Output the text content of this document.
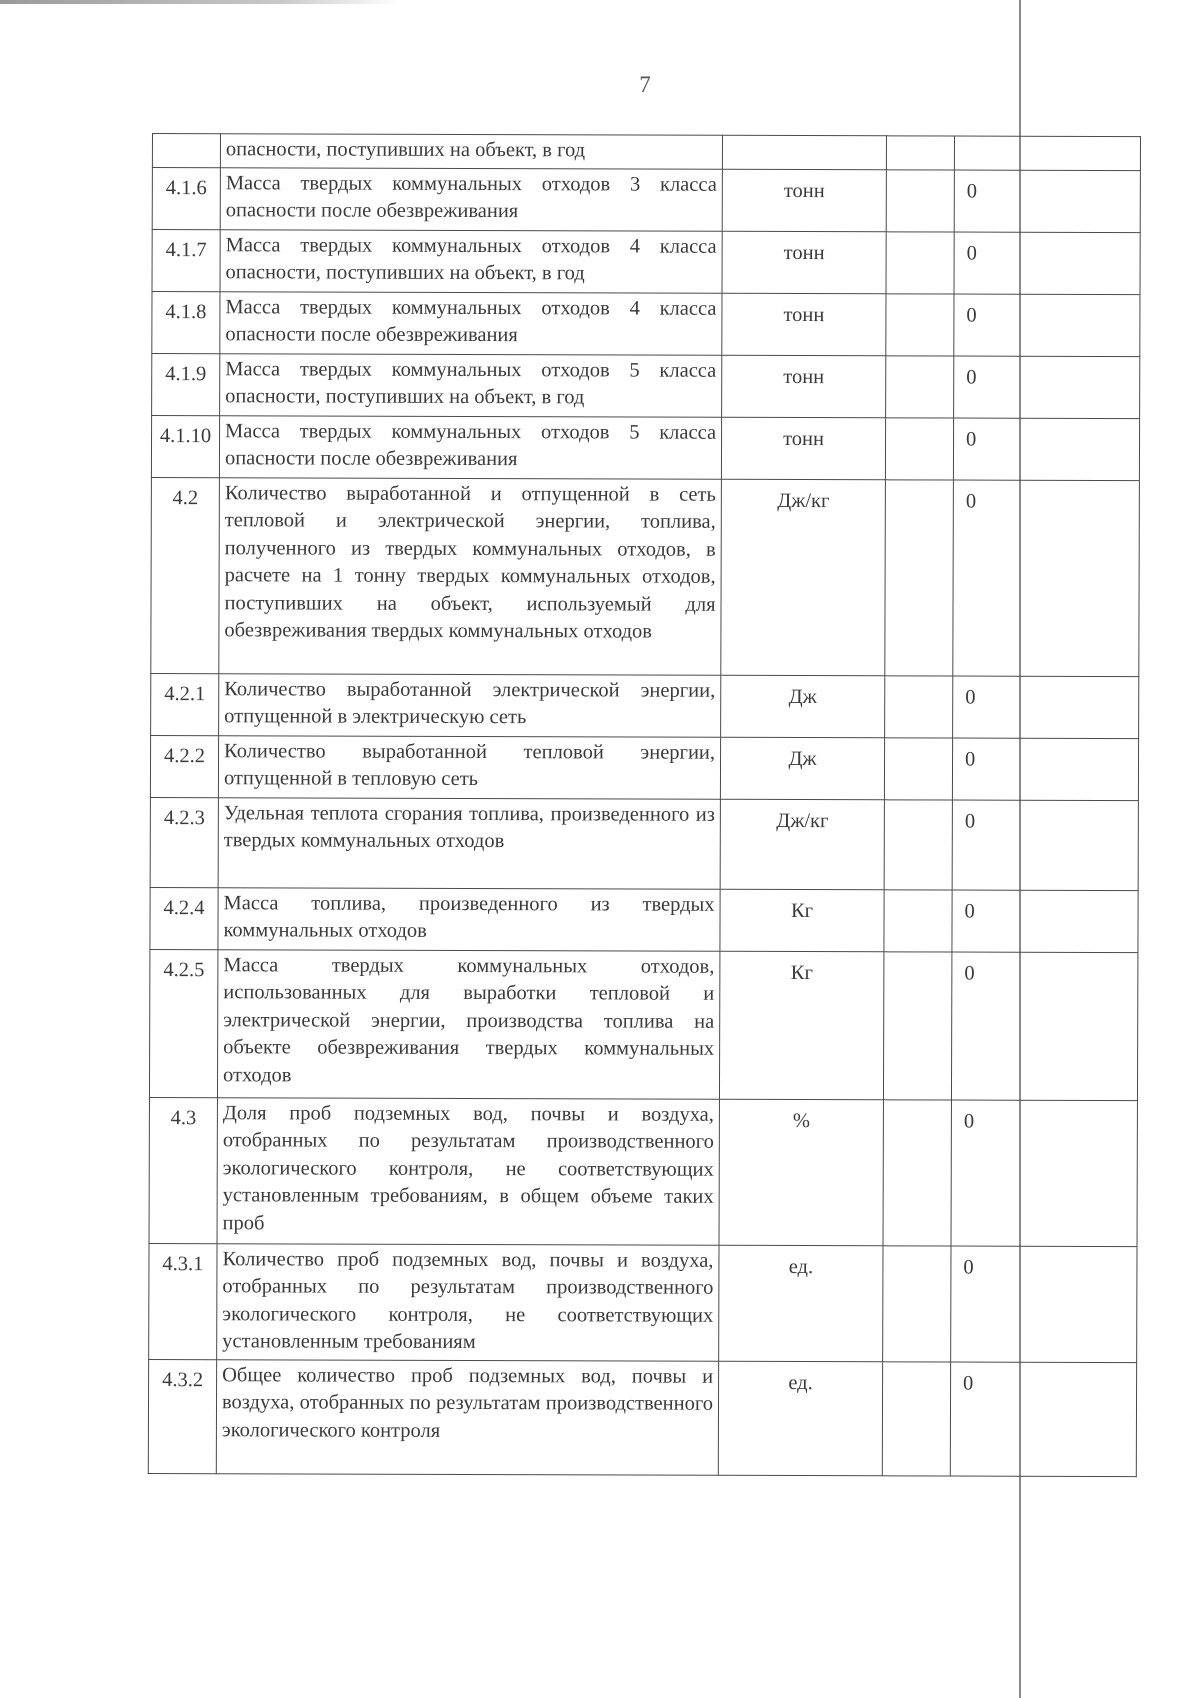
7
	опасности, поступивших на объект, в год			
4.1.6	Масса твердых коммунальных отходов 3 класса опасности после обезвреживания	тонн		0
4.1.7	Масса твердых коммунальных отходов 4 класса опасности, поступивших на объект, в год	тонн		0
4.1.8	Масса твердых коммунальных отходов 4 класса опасности после обезвреживания	тонн		0
4.1.9	Масса твердых коммунальных отходов 5 класса опасности, поступивших на объект, в год	тонн		0
4.1.10	Масса твердых коммунальных отходов 5 класса опасности после обезвреживания	тонн		0
4.2	Количество выработанной и отпущенной в сеть тепловой и электрической энергии, топлива, полученного из твердых коммунальных отходов, в расчете на 1 тонну твердых коммунальных отходов, поступивших на объект, используемый для обезвреживания твердых коммунальных отходов	Дж/кг		0
4.2.1	Количество выработанной электрической энергии, отпущенной в электрическую сеть	Дж		0
4.2.2	Количество выработанной тепловой энергии, отпущенной в тепловую сеть	Дж		0
4.2.3	Удельная теплота сгорания топлива, произведенного из твердых коммунальных отходов	Дж/кг		0
4.2.4	Масса топлива, произведенного из твердых коммунальных отходов	Кг		0
4.2.5	Масса твердых коммунальных отходов, использованных для выработки тепловой и электрической энергии, производства топлива на объекте обезвреживания твердых коммунальных отходов	Кг		0
4.3	Доля проб подземных вод, почвы и воздуха, отобранных по результатам производственного экологического контроля, не соответствующих установленным требованиям, в общем объеме таких проб	%		0
4.3.1	Количество проб подземных вод, почвы и воздуха, отобранных по результатам производственного экологического контроля, не соответствующих установленным требованиям	ед.		0
4.3.2	Общее количество проб подземных вод, почвы и воздуха, отобранных по результатам производственного экологического контроля	ед.		0
